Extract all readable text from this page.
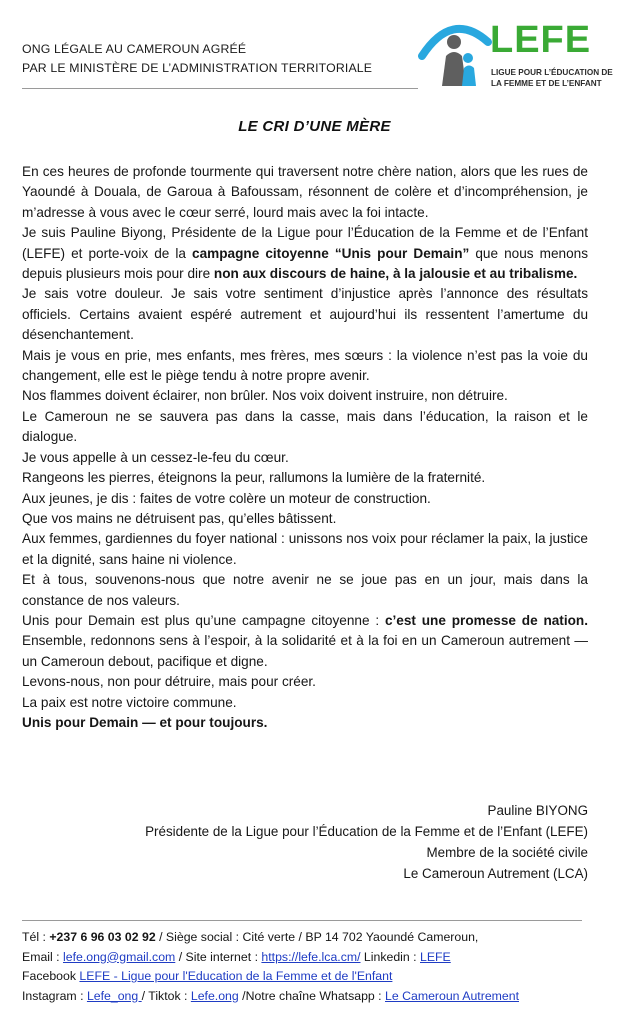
ONG LÉGALE AU CAMEROUN AGRÉÉ
PAR LE MINISTÈRE DE L’ADMINISTRATION TERRITORIALE
LEFE
LIGUE POUR L’ÉDUCATION DE
LA FEMME ET DE L’ENFANT
LE CRI D’UNE MÈRE

En ces heures de profonde tourmente qui traversent notre chère nation, alors que les rues de Yaoundé à Douala, de Garoua à Bafoussam, résonnent de colère et d’incompréhension, je m’adresse à vous avec le cœur serré, lourd mais avec la foi intacte.

Je suis Pauline Biyong, Présidente de la Ligue pour l’Éducation de la Femme et de l’Enfant (LEFE) et porte-voix de la campagne citoyenne “Unis pour Demain” que nous menons depuis plusieurs mois pour dire non aux discours de haine, à la jalousie et au tribalisme.

Je sais votre douleur. Je sais votre sentiment d’injustice après l’annonce des résultats officiels. Certains avaient espéré autrement et aujourd’hui ils ressentent l’amertume du désenchantement.

Mais je vous en prie, mes enfants, mes frères, mes sœurs : la violence n’est pas la voie du changement, elle est le piège tendu à notre propre avenir.

Nos flammes doivent éclairer, non brûler. Nos voix doivent instruire, non détruire.

Le Cameroun ne se sauvera pas dans la casse, mais dans l’éducation, la raison et le dialogue.

Je vous appelle à un cessez-le-feu du cœur.

Rangeons les pierres, éteignons la peur, rallumons la lumière de la fraternité.

Aux jeunes, je dis : faites de votre colère un moteur de construction.

Que vos mains ne détruisent pas, qu’elles bâtissent.

Aux femmes, gardiennes du foyer national : unissons nos voix pour réclamer la paix, la justice et la dignité, sans haine ni violence.

Et à tous, souvenons-nous que notre avenir ne se joue pas en un jour, mais dans la constance de nos valeurs.

Unis pour Demain est plus qu’une campagne citoyenne : c’est une promesse de nation. Ensemble, redonnons sens à l’espoir, à la solidarité et à la foi en un Cameroun autrement — un Cameroun debout, pacifique et digne.

Levons-nous, non pour détruire, mais pour créer.

La paix est notre victoire commune.

Unis pour Demain — et pour toujours.

Pauline BIYONG
Présidente de la Ligue pour l’Éducation de la Femme et de l’Enfant (LEFE)
Membre de la société civile
Le Cameroun Autrement (LCA)
Tél : +237 6 96 03 02 92 / Siège social : Cité verte / BP 14 702 Yaoundé Cameroun,
Email : lefe.ong@gmail.com / Site internet : https://lefe.lca.cm/ Linkedin : LEFE
Facebook LEFE - Ligue pour l'Education de la Femme et de l'Enfant
Instagram : Lefe_ong / Tiktok : Lefe.ong /Notre chaîne Whatsapp : Le Cameroun Autrement
